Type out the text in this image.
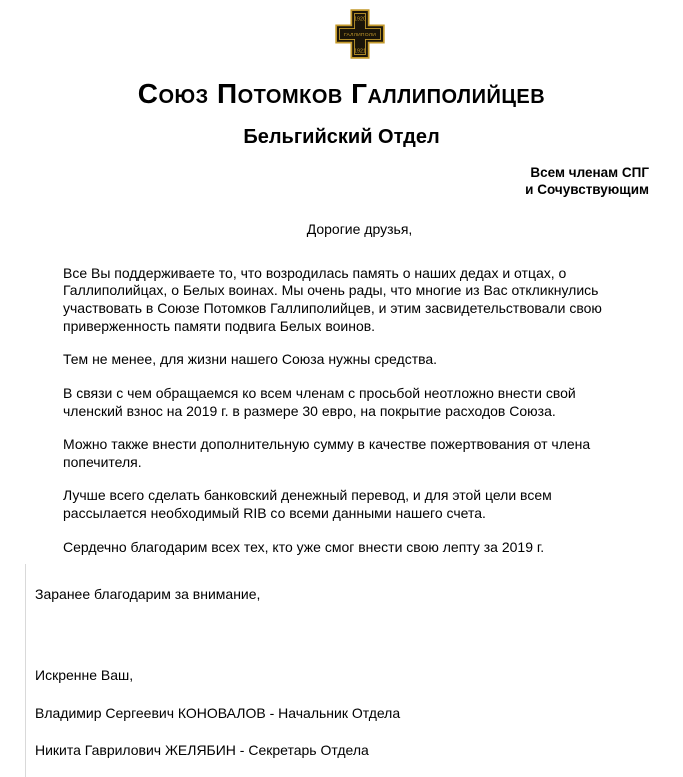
1920
ГАЛЛИПОЛИ
1921
Союз Потомков Галлиполийцев
Бельгийский Отдел
Всем членам СПГ
и Сочувствующим
Дорогие друзья,

Все Вы поддерживаете то, что возродилась память о наших дедах и отцах, о Галлиполийцах, о Белых воинах. Мы очень рады, что многие из Вас откликнулись участвовать в Союзе Потомков Галлиполийцев, и этим засвидетельствовали свою приверженность памяти подвига Белых воинов.

Тем не менее, для жизни нашего Союза нужны средства.

В связи с чем обращаемся ко всем членам с просьбой неотложно внести свой членский взнос на 2019 г. в размере 30 евро, на покрытие расходов Союза.

Можно также внести дополнительную сумму в качестве пожертвования от члена попечителя.

Лучше всего сделать банковский денежный перевод, и для этой цели всем рассылается необходимый RIB со всеми данными нашего счета.

Сердечно благодарим всех тех, кто уже смог внести свою лепту за 2019 г.

Заранее благодарим за внимание,

Искренне Ваш,

Владимир Сергеевич КОНОВАЛОВ - Начальник Отдела

Никита Гаврилович ЖЕЛЯБИН - Секретарь Отдела
